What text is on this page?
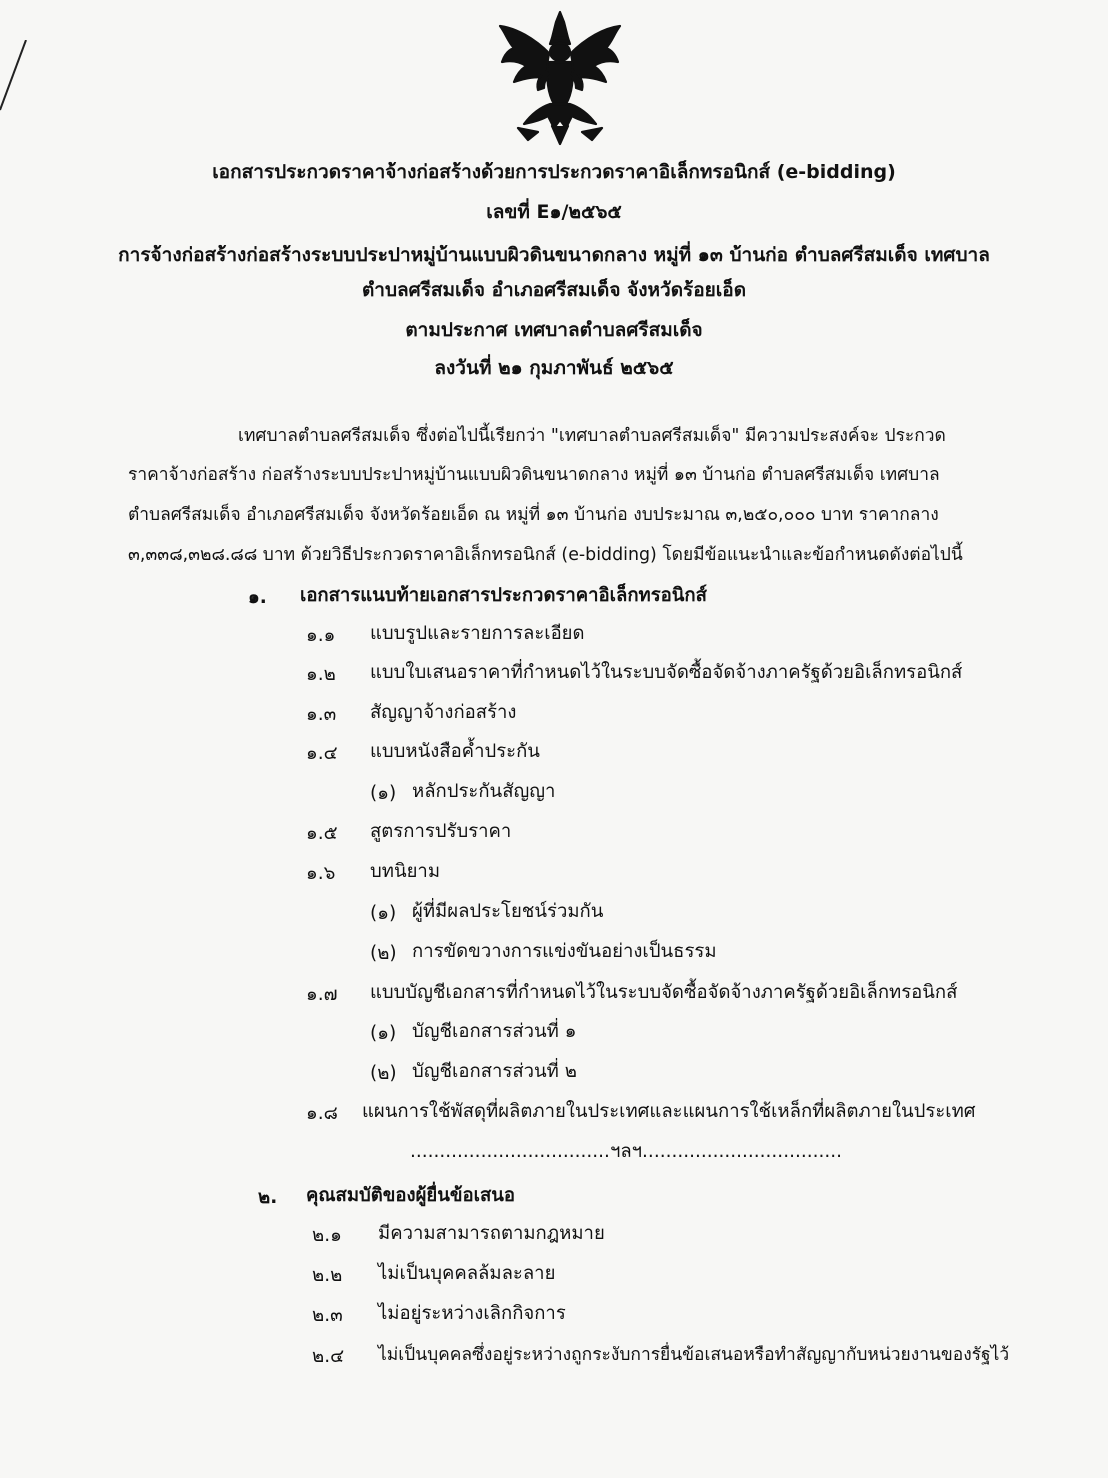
เอกสารประกวดราคาจ้างก่อสร้างด้วยการประกวดราคาอิเล็กทรอนิกส์ (e-bidding)
เลขที่ E๑/๒๕๖๕
การจ้างก่อสร้างก่อสร้างระบบประปาหมู่บ้านแบบผิวดินขนาดกลาง หมู่ที่ ๑๓ บ้านก่อ ตำบลศรีสมเด็จ เทศบาล
ตำบลศรีสมเด็จ อำเภอศรีสมเด็จ จังหวัดร้อยเอ็ด
ตามประกาศ เทศบาลตำบลศรีสมเด็จ
ลงวันที่ ๒๑ กุมภาพันธ์ ๒๕๖๕
เทศบาลตำบลศรีสมเด็จ ซึ่งต่อไปนี้เรียกว่า "เทศบาลตำบลศรีสมเด็จ" มีความประสงค์จะ ประกวด
ราคาจ้างก่อสร้าง ก่อสร้างระบบประปาหมู่บ้านแบบผิวดินขนาดกลาง หมู่ที่ ๑๓ บ้านก่อ ตำบลศรีสมเด็จ เทศบาล
ตำบลศรีสมเด็จ อำเภอศรีสมเด็จ จังหวัดร้อยเอ็ด ณ หมู่ที่ ๑๓ บ้านก่อ งบประมาณ ๓,๒๕๐,๐๐๐ บาท ราคากลาง
๓,๓๓๘,๓๒๘.๘๘ บาท ด้วยวิธีประกวดราคาอิเล็กทรอนิกส์ (e-bidding) โดยมีข้อแนะนำและข้อกำหนดดังต่อไปนี้
๑. เอกสารแนบท้ายเอกสารประกวดราคาอิเล็กทรอนิกส์
๑.๑ แบบรูปและรายการละเอียด
๑.๒ แบบใบเสนอราคาที่กำหนดไว้ในระบบจัดซื้อจัดจ้างภาครัฐด้วยอิเล็กทรอนิกส์
๑.๓ สัญญาจ้างก่อสร้าง
๑.๔ แบบหนังสือค้ำประกัน
(๑) หลักประกันสัญญา
๑.๕ สูตรการปรับราคา
๑.๖ บทนิยาม
(๑) ผู้ที่มีผลประโยชน์ร่วมกัน
(๒) การขัดขวางการแข่งขันอย่างเป็นธรรม
๑.๗ แบบบัญชีเอกสารที่กำหนดไว้ในระบบจัดซื้อจัดจ้างภาครัฐด้วยอิเล็กทรอนิกส์
(๑) บัญชีเอกสารส่วนที่ ๑
(๒) บัญชีเอกสารส่วนที่ ๒
๑.๘ แผนการใช้พัสดุที่ผลิตภายในประเทศและแผนการใช้เหล็กที่ผลิตภายในประเทศ
..................................ฯลฯ..................................
๒. คุณสมบัติของผู้ยื่นข้อเสนอ
๒.๑ มีความสามารถตามกฎหมาย
๒.๒ ไม่เป็นบุคคลล้มละลาย
๒.๓ ไม่อยู่ระหว่างเลิกกิจการ
๒.๔ ไม่เป็นบุคคลซึ่งอยู่ระหว่างถูกระงับการยื่นข้อเสนอหรือทำสัญญากับหน่วยงานของรัฐไว้
